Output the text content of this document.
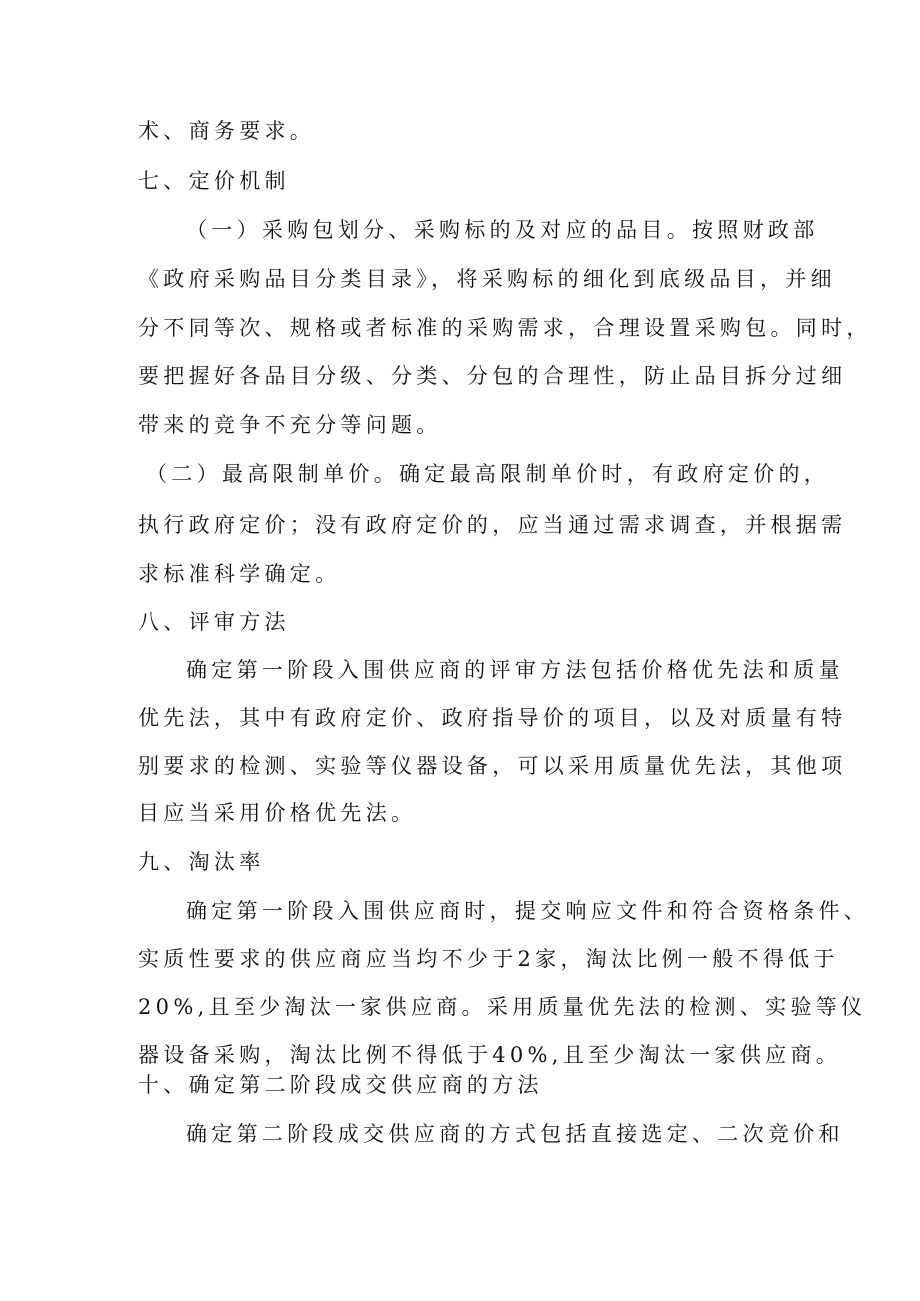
术、商务要求。
七、定价机制
（一）采购包划分、采购标的及对应的品目。按照财政部
《政府采购品目分类目录》，将采购标的细化到底级品目，并细
分不同等次、规格或者标准的采购需求，合理设置采购包。同时，
要把握好各品目分级、分类、分包的合理性，防止品目拆分过细
带来的竞争不充分等问题。
（二）最高限制单价。确定最高限制单价时，有政府定价的，
执行政府定价；没有政府定价的，应当通过需求调查，并根据需
求标准科学确定。
八、评审方法
确定第一阶段入围供应商的评审方法包括价格优先法和质量
优先法，其中有政府定价、政府指导价的项目，以及对质量有特
别要求的检测、实验等仪器设备，可以采用质量优先法，其他项
目应当采用价格优先法。
九、淘汰率
确定第一阶段入围供应商时，提交响应文件和符合资格条件、
实质性要求的供应商应当均不少于2家，淘汰比例一般不得低于
20%,且至少淘汰一家供应商。采用质量优先法的检测、实验等仪
器设备采购，淘汰比例不得低于40%,且至少淘汰一家供应商。
十、确定第二阶段成交供应商的方法
确定第二阶段成交供应商的方式包括直接选定、二次竞价和
